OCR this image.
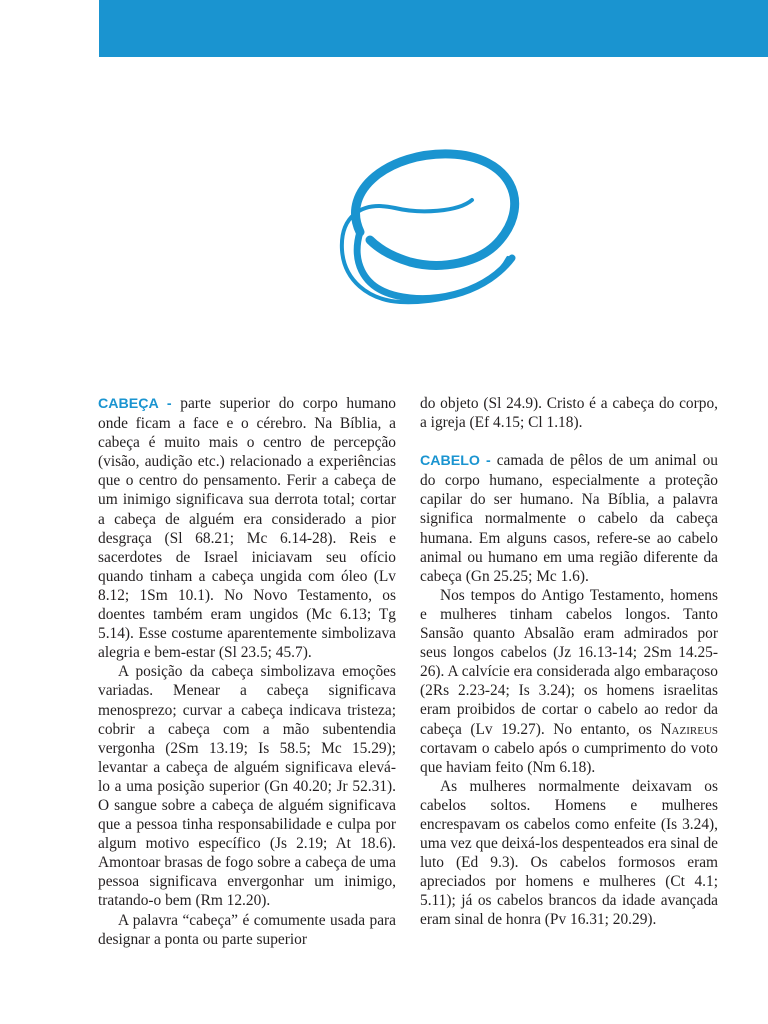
CABEÇA - parte superior do corpo humano onde ficam a face e o cérebro. Na Bíblia, a cabeça é muito mais o centro de percepção (visão, audição etc.) relacionado a experiências que o centro do pensamento. Ferir a cabeça de um inimigo significava sua derrota total; cortar a cabeça de alguém era considerado a pior desgraça (Sl 68.21; Mc 6.14-28). Reis e sacerdotes de Israel iniciavam seu ofício quando tinham a cabeça ungida com óleo (Lv 8.12; 1Sm 10.1). No Novo Testamento, os doentes também eram ungidos (Mc 6.13; Tg 5.14). Esse costume aparentemente simbolizava alegria e bem-estar (Sl 23.5; 45.7).

A posição da cabeça simbolizava emoções variadas. Menear a cabeça significava menosprezo; curvar a cabeça indicava tristeza; cobrir a cabeça com a mão subentendia vergonha (2Sm 13.19; Is 58.5; Mc 15.29); levantar a cabeça de alguém significava elevá-lo a uma posição superior (Gn 40.20; Jr 52.31). O sangue sobre a cabeça de alguém significava que a pessoa tinha responsabilidade e culpa por algum motivo específico (Js 2.19; At 18.6). Amontoar brasas de fogo sobre a cabeça de uma pessoa significava envergonhar um inimigo, tratando-o bem (Rm 12.20).

A palavra “cabeça” é comumente usada para designar a ponta ou parte superior

do objeto (Sl 24.9). Cristo é a cabeça do corpo, a igreja (Ef 4.15; Cl 1.18).

CABELO - camada de pêlos de um animal ou do corpo humano, especialmente a proteção capilar do ser humano. Na Bíblia, a palavra significa normalmente o cabelo da cabeça humana. Em alguns casos, refere-se ao cabelo animal ou humano em uma região diferente da cabeça (Gn 25.25; Mc 1.6).

Nos tempos do Antigo Testamento, homens e mulheres tinham cabelos longos. Tanto Sansão quanto Absalão eram admirados por seus longos cabelos (Jz 16.13-14; 2Sm 14.25-26). A calvície era considerada algo embaraçoso (2Rs 2.23-24; Is 3.24); os homens israelitas eram proibidos de cortar o cabelo ao redor da cabeça (Lv 19.27). No entanto, os Nazireus cortavam o cabelo após o cumprimento do voto que haviam feito (Nm 6.18).

As mulheres normalmente deixavam os cabelos soltos. Homens e mulheres encrespavam os cabelos como enfeite (Is 3.24), uma vez que deixá-los despenteados era sinal de luto (Ed 9.3). Os cabelos formosos eram apreciados por homens e mulheres (Ct 4.1; 5.11); já os cabelos brancos da idade avançada eram sinal de honra (Pv 16.31; 20.29).
